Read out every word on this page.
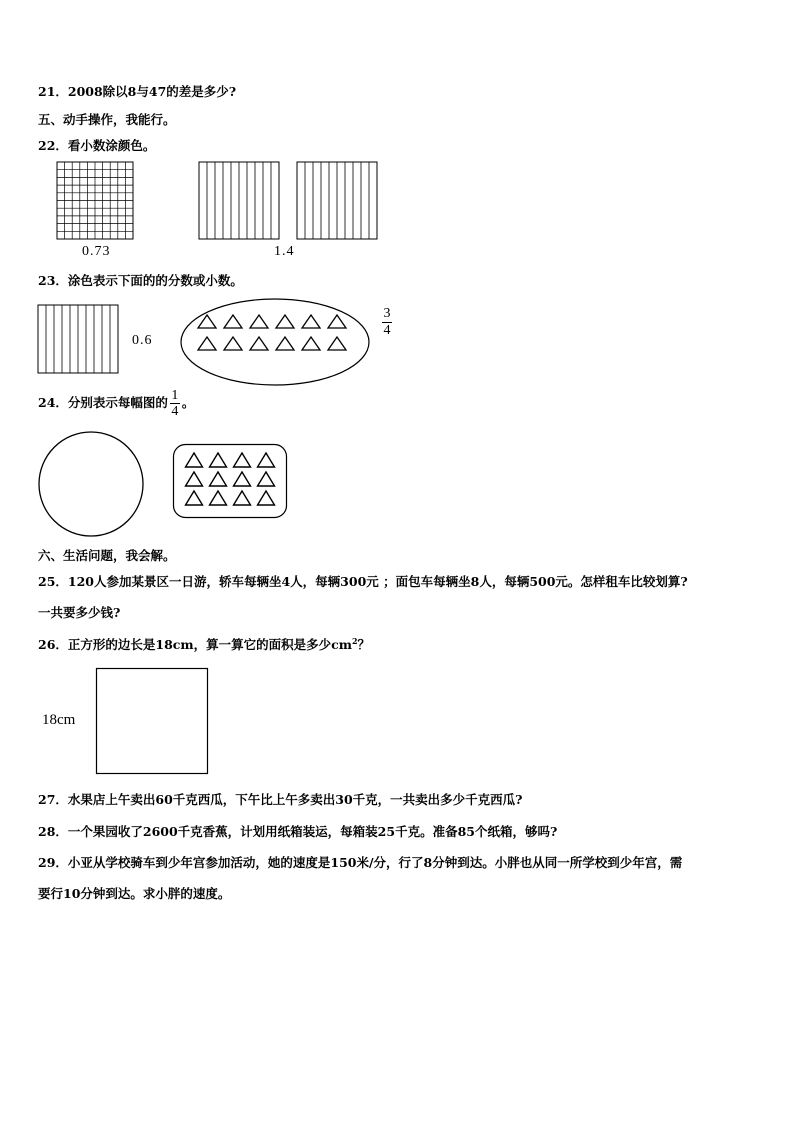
21．2008除以8与47的差是多少?
五、动手操作，我能行。
22．看小数涂颜色。
0.73	1.4
23．涂色表示下面的的分数或小数。
0.6
3
4
24．分别表示每幅图的 $\frac{1}{4}$ 。
六、生活问题，我会解。
25．120人参加某景区一日游，轿车每辆坐4人，每辆300元 ；面包车每辆坐8人，每辆500元。怎样租车比较划算?
一共要多少钱?
26．正方形的边长是18cm，算一算它的面积是多少$cm^2$？
18cm
27．水果店上午卖出60千克西瓜，下午比上午多卖出30千克，一共卖出多少千克西瓜?
28．一个果园收了2600千克香蕉，计划用纸箱装运，每箱装25千克。准备85个纸箱，够吗?
29．小亚从学校骑车到少年宫参加活动，她的速度是150米/分，行了8分钟到达。小胖也从同一所学校到少年宫，需
要行10分钟到达。求小胖的速度。
